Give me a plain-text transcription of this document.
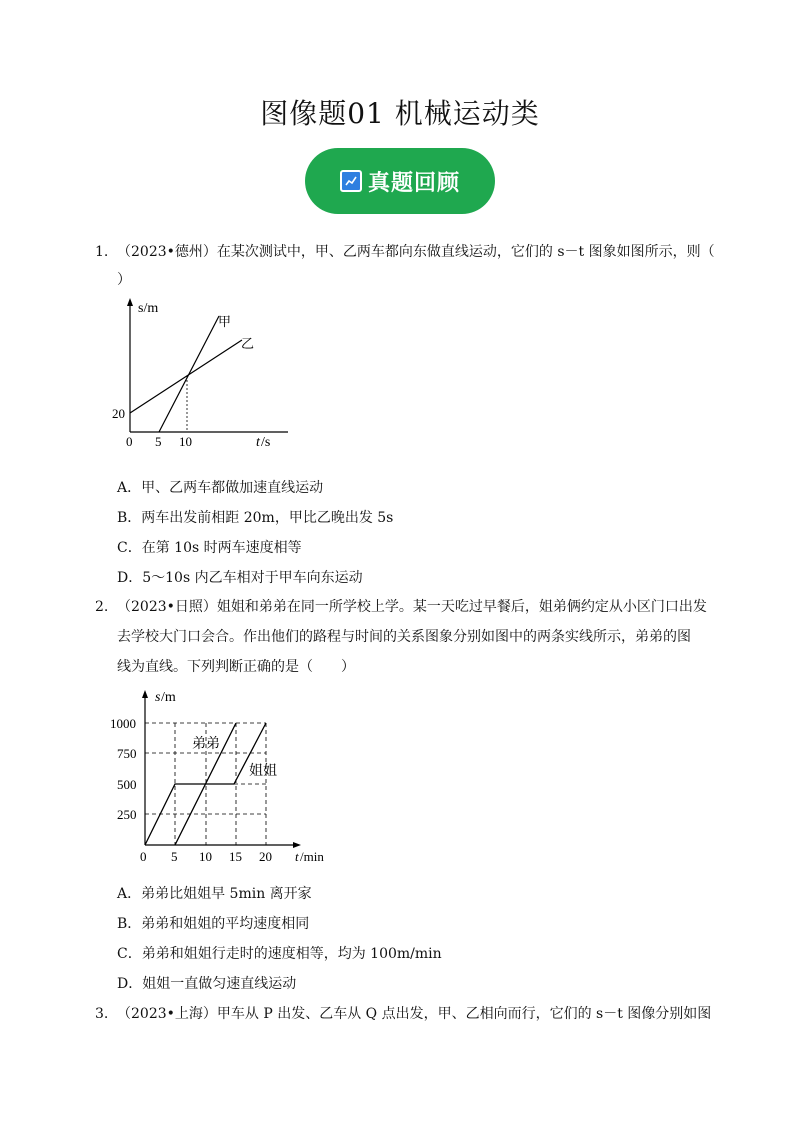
图像题01 机械运动类
真题回顾
1. （2023•德州）在某次测试中，甲、乙两车都向东做直线运动，它们的 s－t 图象如图所示，则（
）
s/m
20
0 5 10	t /s
甲
乙
A．甲、乙两车都做加速直线运动
B．两车出发前相距 20m，甲比乙晚出发 5s
C．在第 10s 时两车速度相等
D．5～10s 内乙车相对于甲车向东运动
2. （2023•日照）姐姐和弟弟在同一所学校上学。某一天吃过早餐后，姐弟俩约定从小区门口出发
去学校大门口会合。作出他们的路程与时间的关系图象分别如图中的两条实线所示，弟弟的图
线为直线。下列判断正确的是（　　）
s /m
1000
750
500
250
0 5 10 15 20 t /min
弟弟
姐姐
A．弟弟比姐姐早 5min 离开家
B．弟弟和姐姐的平均速度相同
C．弟弟和姐姐行走时的速度相等，均为 100m/min
D．姐姐一直做匀速直线运动
3. （2023•上海）甲车从 P 出发、乙车从 Q 点出发，甲、乙相向而行，它们的 s－t 图像分别如图
